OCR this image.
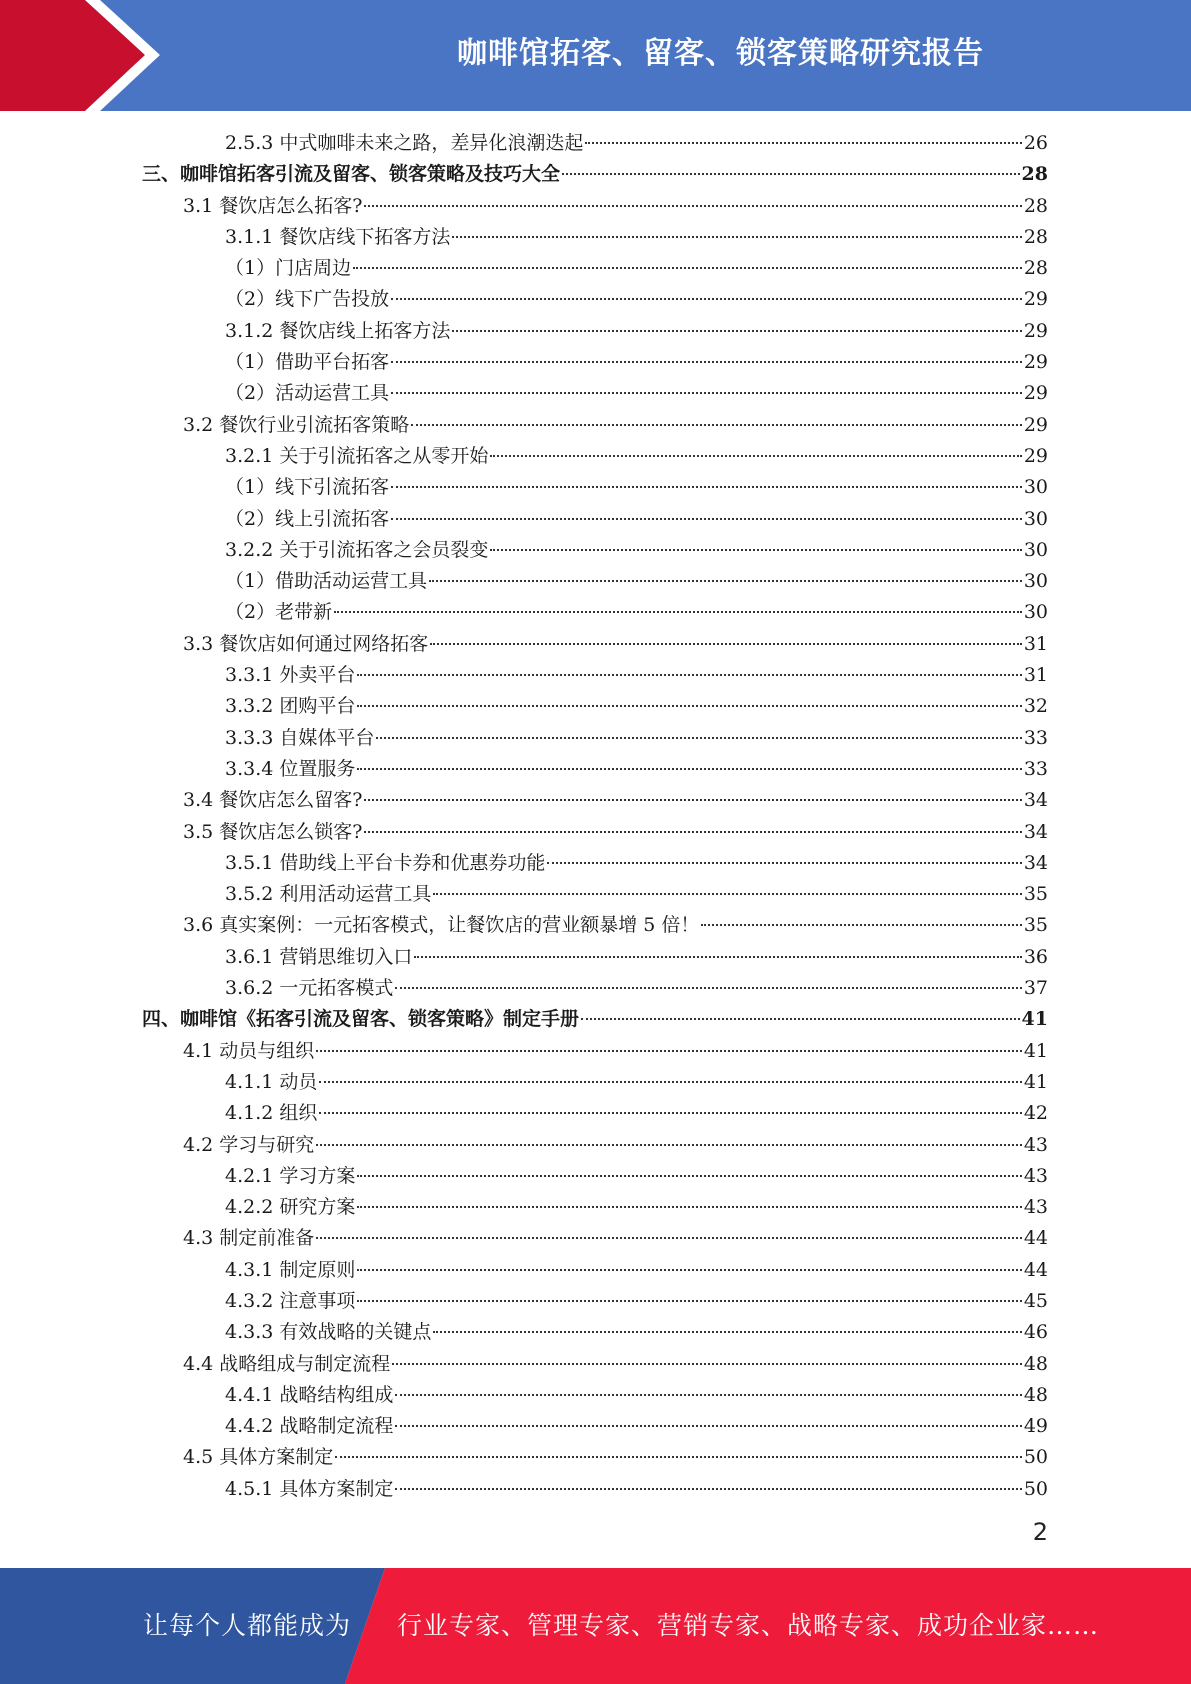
咖啡馆拓客、留客、锁客策略研究报告
2.5.3 中式咖啡未来之路，差异化浪潮迭起	26
三、咖啡馆拓客引流及留客、锁客策略及技巧大全	28
3.1 餐饮店怎么拓客?	28
3.1.1 餐饮店线下拓客方法	28
（1）门店周边	28
（2）线下广告投放	29
3.1.2 餐饮店线上拓客方法	29
（1）借助平台拓客	29
（2）活动运营工具	29
3.2 餐饮行业引流拓客策略	29
3.2.1 关于引流拓客之从零开始	29
（1）线下引流拓客	30
（2）线上引流拓客	30
3.2.2 关于引流拓客之会员裂变	30
（1）借助活动运营工具	30
（2）老带新	30
3.3 餐饮店如何通过网络拓客	31
3.3.1 外卖平台	31
3.3.2 团购平台	32
3.3.3 自媒体平台	33
3.3.4 位置服务	33
3.4 餐饮店怎么留客?	34
3.5 餐饮店怎么锁客?	34
3.5.1 借助线上平台卡券和优惠券功能	34
3.5.2 利用活动运营工具	35
3.6 真实案例：一元拓客模式，让餐饮店的营业额暴增 5 倍！	35
3.6.1 营销思维切入口	36
3.6.2 一元拓客模式	37
四、咖啡馆《拓客引流及留客、锁客策略》制定手册	41
4.1 动员与组织	41
4.1.1 动员	41
4.1.2 组织	42
4.2 学习与研究	43
4.2.1 学习方案	43
4.2.2 研究方案	43
4.3 制定前准备	44
4.3.1 制定原则	44
4.3.2 注意事项	45
4.3.3 有效战略的关键点	46
4.4 战略组成与制定流程	48
4.4.1 战略结构组成	48
4.4.2 战略制定流程	49
4.5 具体方案制定	50
4.5.1 具体方案制定	50
2
让每个人都能成为 行业专家、管理专家、营销专家、战略专家、成功企业家……
